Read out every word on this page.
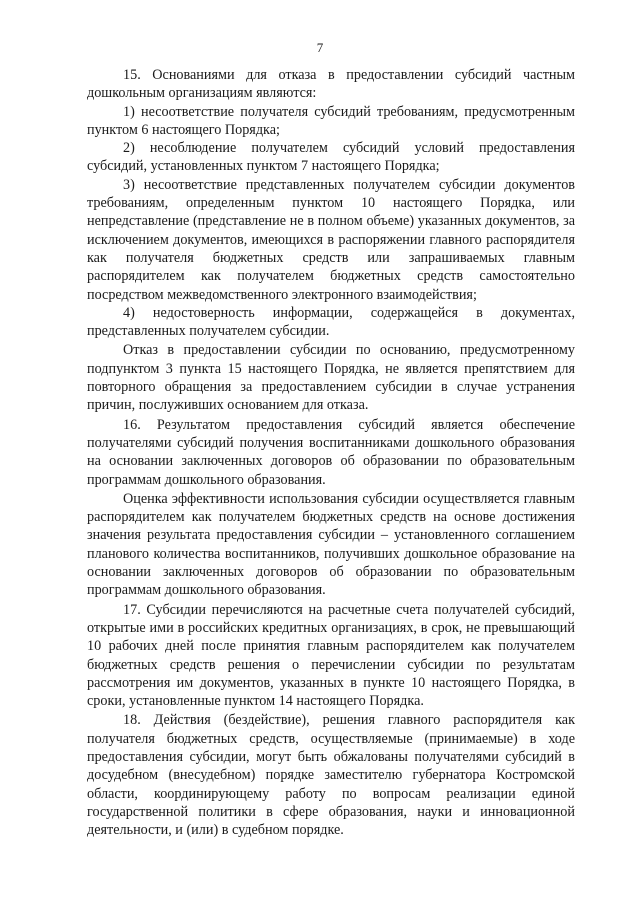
7

15. Основаниями для отказа в предоставлении субсидий частным дошкольным организациям являются:

1) несоответствие получателя субсидий требованиям, предусмотренным пунктом 6 настоящего Порядка;

2) несоблюдение получателем субсидий условий предоставления субсидий, установленных пунктом 7 настоящего Порядка;

3) несоответствие представленных получателем субсидии документов требованиям, определенным пунктом 10 настоящего Порядка, или непредставление (представление не в полном объеме) указанных документов, за исключением документов, имеющихся в распоряжении главного распорядителя как получателя бюджетных средств или запрашиваемых главным распорядителем как получателем бюджетных средств самостоятельно посредством межведомственного электронного взаимодействия;

4) недостоверность информации, содержащейся в документах, представленных получателем субсидии.

Отказ в предоставлении субсидии по основанию, предусмотренному подпунктом 3 пункта 15 настоящего Порядка, не является препятствием для повторного обращения за предоставлением субсидии в случае устранения причин, послуживших основанием для отказа.

16. Результатом предоставления субсидий является обеспечение получателями субсидий получения воспитанниками дошкольного образования на основании заключенных договоров об образовании по образовательным программам дошкольного образования.

Оценка эффективности использования субсидии осуществляется главным распорядителем как получателем бюджетных средств на основе достижения значения результата предоставления субсидии – установленного соглашением планового количества воспитанников, получивших дошкольное образование на основании заключенных договоров об образовании по образовательным программам дошкольного образования.

17. Субсидии перечисляются на расчетные счета получателей субсидий, открытые ими в российских кредитных организациях, в срок, не превышающий 10 рабочих дней после принятия главным распорядителем как получателем бюджетных средств решения о перечислении субсидии по результатам рассмотрения им документов, указанных в пункте 10 настоящего Порядка, в сроки, установленные пунктом 14 настоящего Порядка.

18. Действия (бездействие), решения главного распорядителя как получателя бюджетных средств, осуществляемые (принимаемые) в ходе предоставления субсидии, могут быть обжалованы получателями субсидий в досудебном (внесудебном) порядке заместителю губернатора Костромской области, координирующему работу по вопросам реализации единой государственной политики в сфере образования, науки и инновационной деятельности, и (или) в судебном порядке.
